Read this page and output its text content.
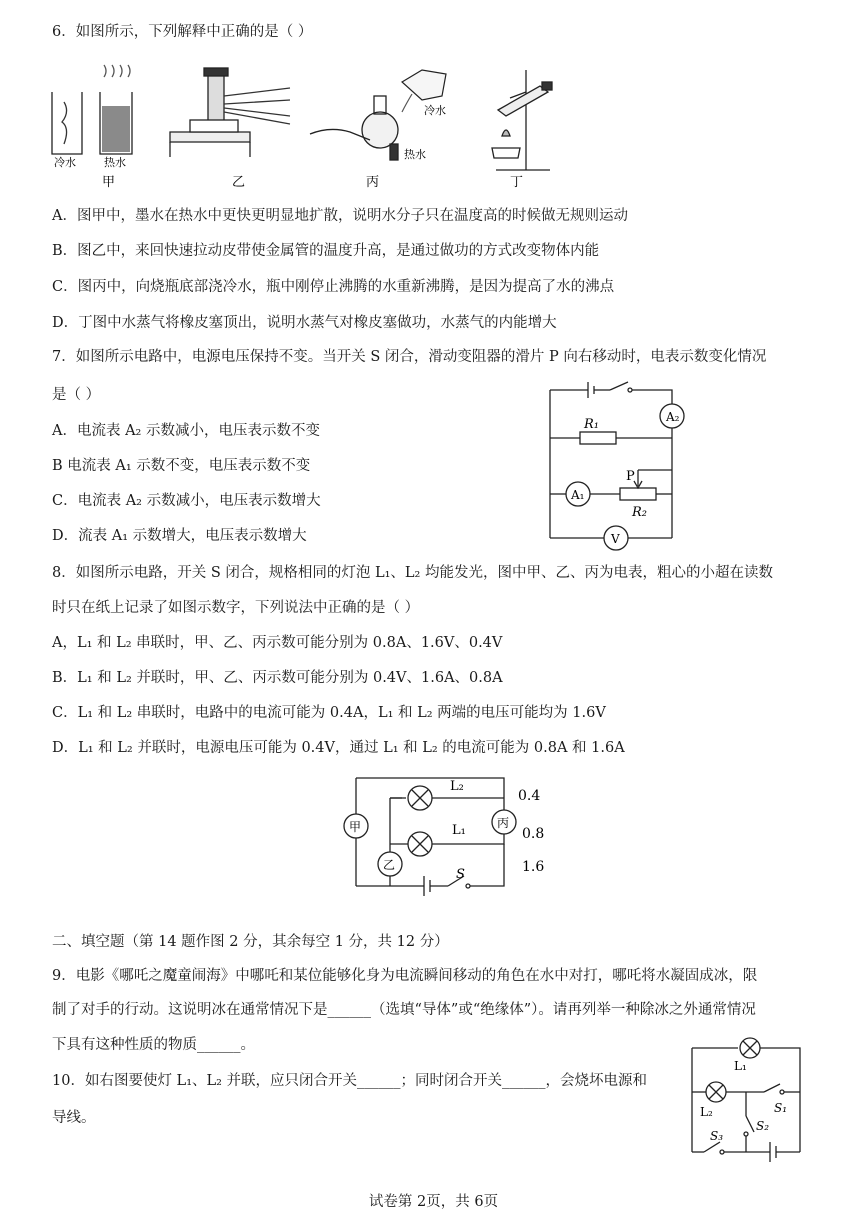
6．如图所示，下列解释中正确的是（ ）
冷水	热水
甲	乙
热水
丙
冷水
丁
A．图甲中，墨水在热水中更快更明显地扩散，说明水分子只在温度高的时候做无规则运动
B．图乙中，来回快速拉动皮带使金属管的温度升高，是通过做功的方式改变物体内能
C．图丙中，向烧瓶底部浇冷水，瓶中刚停止沸腾的水重新沸腾，是因为提高了水的沸点
D．丁图中水蒸气将橡皮塞顶出，说明水蒸气对橡皮塞做功，水蒸气的内能增大
7．如图所示电路中，电源电压保持不变。当开关 S 闭合，滑动变阻器的滑片 P 向右移动时，电表示数变化情况
是（ ）
A．电流表 A₂ 示数减小，电压表示数不变
B 电流表 A₁ 示数不变，电压表示数不变
C．电流表 A₂ 示数减小，电压表示数增大
D．流表 A₁ 示数增大，电压表示数增大
A₂
R₁
A₁
P
R₂
V
8．如图所示电路，开关 S 闭合，规格相同的灯泡 L₁、L₂ 均能发光，图中甲、乙、丙为电表，粗心的小超在读数
时只在纸上记录了如图示数字，下列说法中正确的是（ ）
A，L₁ 和 L₂ 串联时，甲、乙、丙示数可能分别为 0.8A、1.6V、0.4V
B．L₁ 和 L₂ 并联时，甲、乙、丙示数可能分别为 0.4V、1.6A、0.8A
C．L₁ 和 L₂ 串联时，电路中的电流可能为 0.4A，L₁ 和 L₂ 两端的电压可能均为 1.6V
D．L₁ 和 L₂ 并联时，电源电压可能为 0.4V，通过 L₁ 和 L₂ 的电流可能为 0.8A 和 1.6A
甲
乙
丙
L₂
L₁
S
0.4
0.8
1.6
二、填空题（第 14 题作图 2 分，其余每空 1 分，共 12 分）
9．电影《哪吒之魔童闹海》中哪吒和某位能够化身为电流瞬间移动的角色在水中对打，哪吒将水凝固成冰，限
制了对手的行动。这说明冰在通常情况下是______（选填“导体”或“绝缘体”）。请再列举一种除冰之外通常情况
下具有这种性质的物质______。
10．如右图要使灯 L₁、L₂ 并联，应只闭合开关______；同时闭合开关______，会烧坏电源和
导线。
L₁
L₂	S₁
S₂
S₃
试卷第 2页，共 6页
